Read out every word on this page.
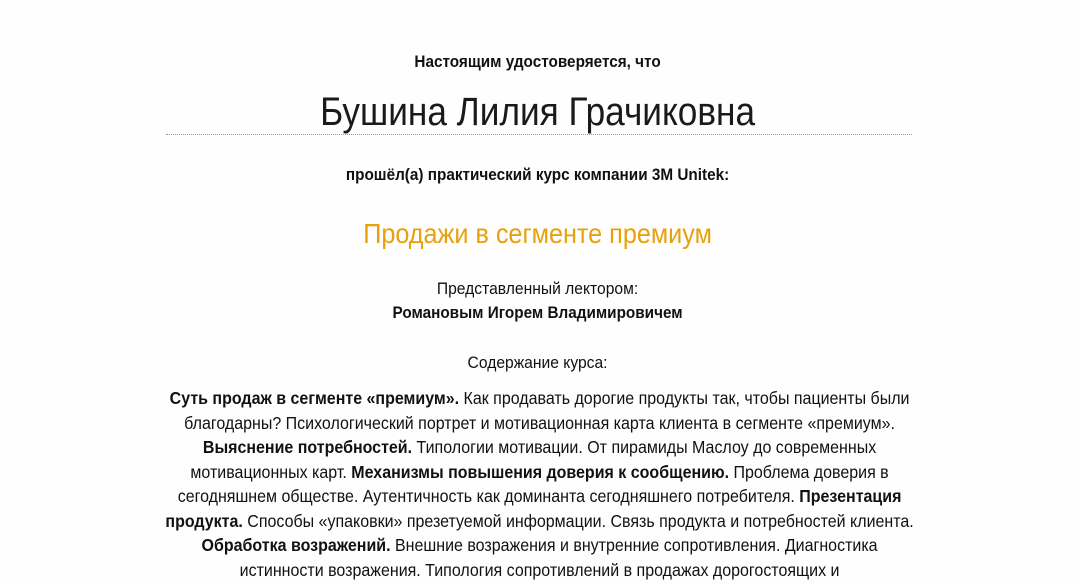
Настоящим удостоверяется, что
Бушина Лилия Грачиковна
прошёл(а) практический курс компании 3M Unitek:
Продажи в сегменте премиум
Представленный лектором:
Романовым Игорем Владимировичем
Содержание курса:
Суть продаж в сегменте «премиум». Как продавать дорогие продукты так, чтобы пациенты были
благодарны? Психологический портрет и мотивационная карта клиента в сегменте «премиум».
Выяснение потребностей. Типологии мотивации. От пирамиды Маслоу до современных
мотивационных карт. Механизмы повышения доверия к сообщению. Проблема доверия в
сегодняшнем обществе. Аутентичность как доминанта сегодняшнего потребителя. Презентация
продукта. Способы «упаковки» презетуемой информации. Связь продукта и потребностей клиента.
Обработка возражений. Внешние возражения и внутренние сопротивления. Диагностика
истинности возражения. Типология сопротивлений в продажах дорогостоящих и
